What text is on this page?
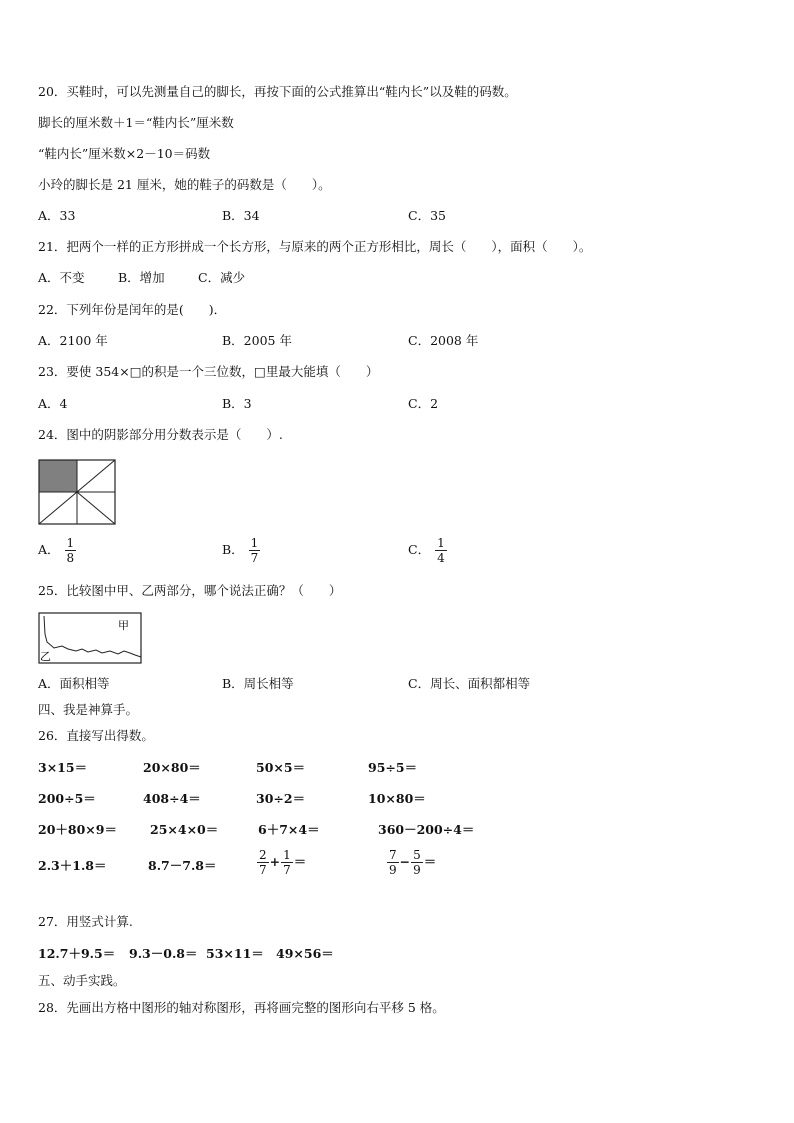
20．买鞋时，可以先测量自己的脚长，再按下面的公式推算出“鞋内长”以及鞋的码数。
脚长的厘米数＋1＝“鞋内长”厘米数
“鞋内长”厘米数×2－10＝码数
小玲的脚长是 21 厘米，她的鞋子的码数是（　　）。
A．33	B．34	C．35
21．把两个一样的正方形拼成一个长方形，与原来的两个正方形相比，周长（　　），面积（　　）。
A．不变	B．增加	C．减少
22．下列年份是闰年的是(　　)．
A．2100 年	B．2005 年	C．2008 年
23．要使 354×□的积是一个三位数，□里最大能填（　　）
A．4	B．3	C．2
24．图中的阴影部分用分数表示是（　　）.
A． $\frac{1}{8}$	B． $\frac{1}{7}$	C． $\frac{1}{4}$
25．比较图中甲、乙两部分，哪个说法正确？（　　）
甲
乙
A．面积相等	B．周长相等	C．周长、面积都相等
四、我是神算手。
26．直接写出得数。
3×15＝	20×80＝	50×5＝	95÷5＝
200÷5＝	408÷4＝	30÷2＝	10×80＝
20＋80×9＝	25×4×0＝	6＋7×4＝	360－200÷4＝
2.3＋1.8＝	8.7－7.8＝	$\frac{2}{7} + \frac{1}{7}$ ＝	$\frac{7}{9} - \frac{5}{9}$ ＝
27．用竖式计算.
12.7＋9.5＝ 9.3－0.8＝ 53×11＝ 49×56＝
五、动手实践。
28．先画出方格中图形的轴对称图形，再将画完整的图形向右平移 5 格。
